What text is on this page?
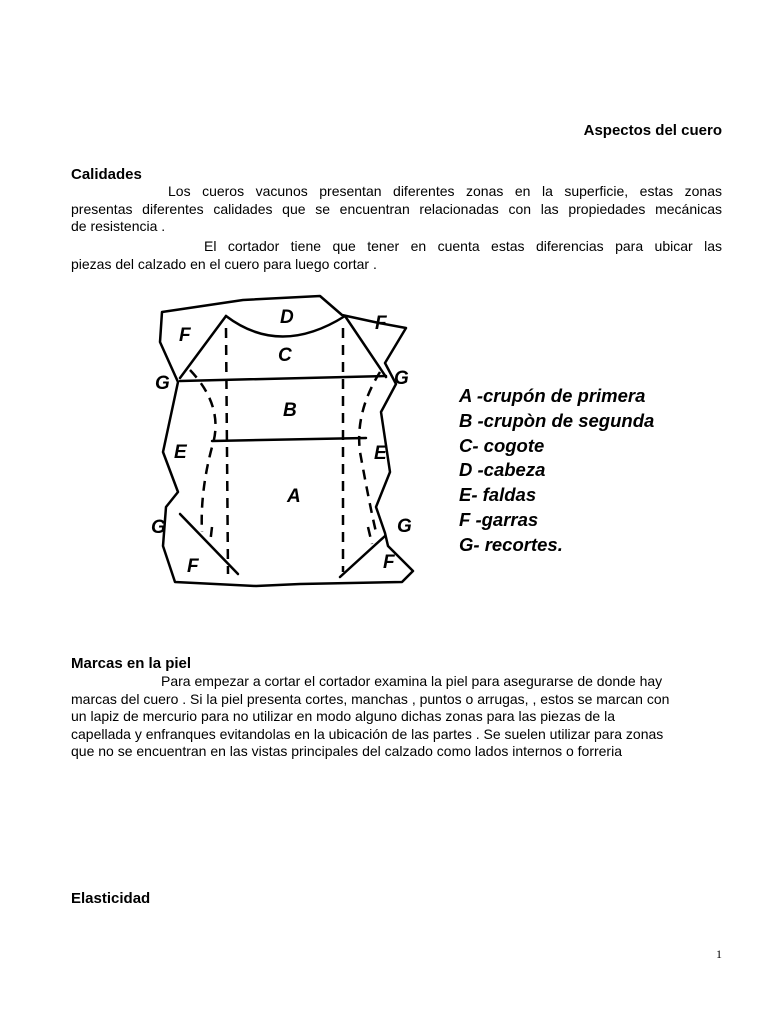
Aspectos del cuero
Calidades
Los cueros vacunos presentan diferentes zonas en la superficie, estas zonas
presentas diferentes calidades que se encuentran relacionadas con las propiedades mecánicas
de resistencia .
El cortador tiene que tener en cuenta estas diferencias para ubicar las
piezas del calzado en el cuero para luego cortar .
D
C
B
A
F
F
F	F
G	G
G	G
E	E
A -crupón de primera
B -crupòn de segunda
C- cogote
D -cabeza
E- faldas
F -garras
G- recortes.
Marcas en la piel
Para empezar a cortar el cortador examina la piel para asegurarse de donde hay
marcas del cuero . Si la piel presenta cortes, manchas , puntos o arrugas, , estos se marcan con
un lapiz de mercurio para no utilizar en modo alguno dichas zonas para las piezas de la
capellada y enfranques evitandolas en la ubicación de las partes . Se suelen utilizar para zonas
que no se encuentran en las vistas principales del calzado como lados internos o forreria
Elasticidad
1
